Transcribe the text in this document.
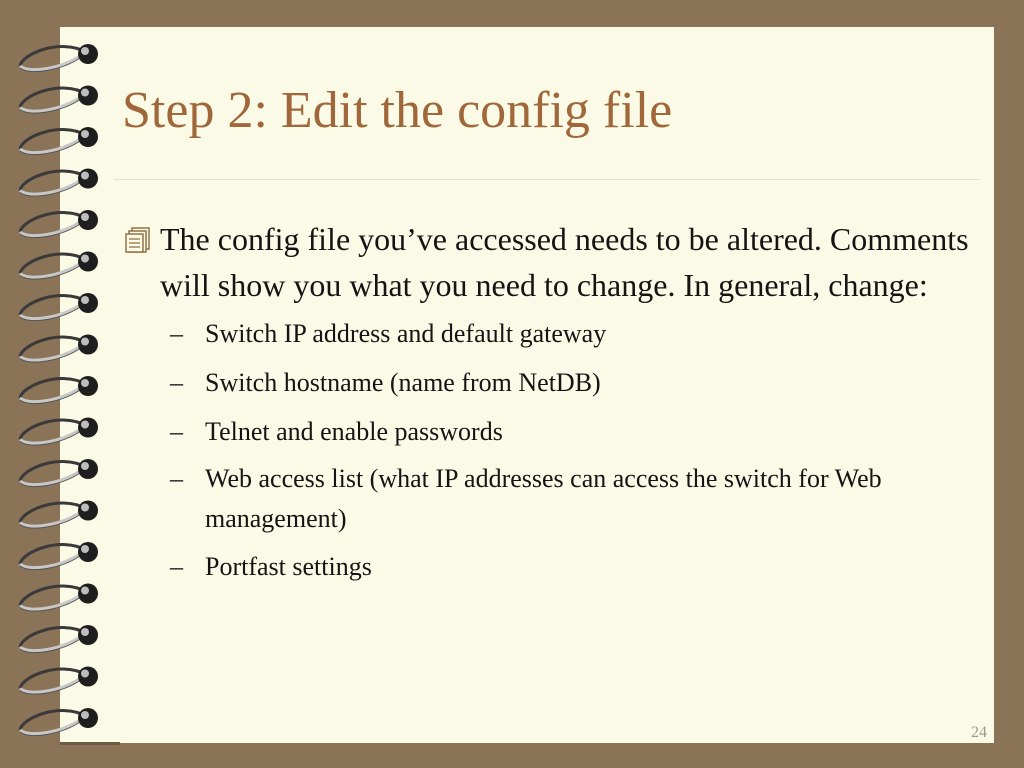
Step 2: Edit the config file

The config file you’ve accessed needs to be altered. Comments will show you what you need to change. In general, change:

– Switch IP address and default gateway
– Switch hostname (name from NetDB)
– Telnet and enable passwords
– Web access list (what IP addresses can access the switch for Web management)
– Portfast settings
24
